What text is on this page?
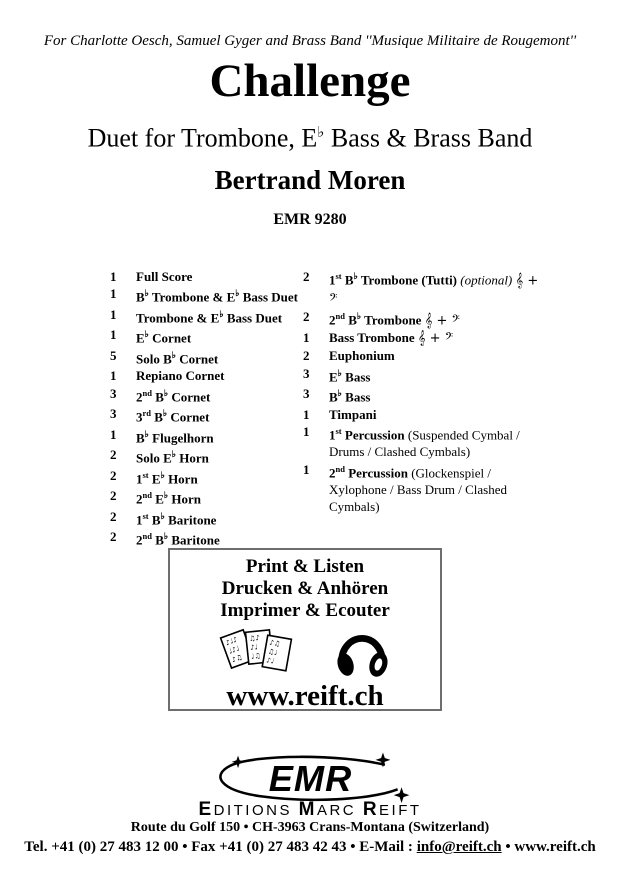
For Charlotte Oesch, Samuel Gyger and Brass Band ''Musique Militaire de Rougemont''
Challenge
Duet for Trombone, E♭ Bass & Brass Band
Bertrand Moren
EMR 9280
1	Full Score
1	B♭ Trombone & E♭ Bass Duet
1	Trombone & E♭ Bass Duet
1	E♭ Cornet
5	Solo B♭ Cornet
1	Repiano Cornet
3	2nd B♭ Cornet
3	3rd B♭ Cornet
1	B♭ Flugelhorn
2	Solo E♭ Horn
2	1st E♭ Horn
2	2nd E♭ Horn
2	1st B♭ Baritone
2	2nd B♭ Baritone
2	1st B♭ Trombone (Tutti) (optional) 𝄞 + 𝄢
2	2nd B♭ Trombone 𝄞 + 𝄢
1	Bass Trombone 𝄞 + 𝄢
2	Euphonium
3	E♭ Bass
3	B♭ Bass
1	Timpani
1	1st Percussion (Suspended Cymbal / Drums / Clashed Cymbals)
1	2nd Percussion (Glockenspiel / Xylophone / Bass Drum / Clashed Cymbals)
Print & Listen
Drucken & Anhören
Imprimer & Ecouter
♪♩♪
♩♪♩
♪♫
♫♪
♪♩
♩♫
♪♫
♫♩
♪♩
www.reift.ch
EMR
EDITIONS MARC REIFT
Route du Golf 150 • CH-3963 Crans-Montana (Switzerland)
Tel. +41 (0) 27 483 12 00 • Fax +41 (0) 27 483 42 43 • E-Mail : info@reift.ch • www.reift.ch
